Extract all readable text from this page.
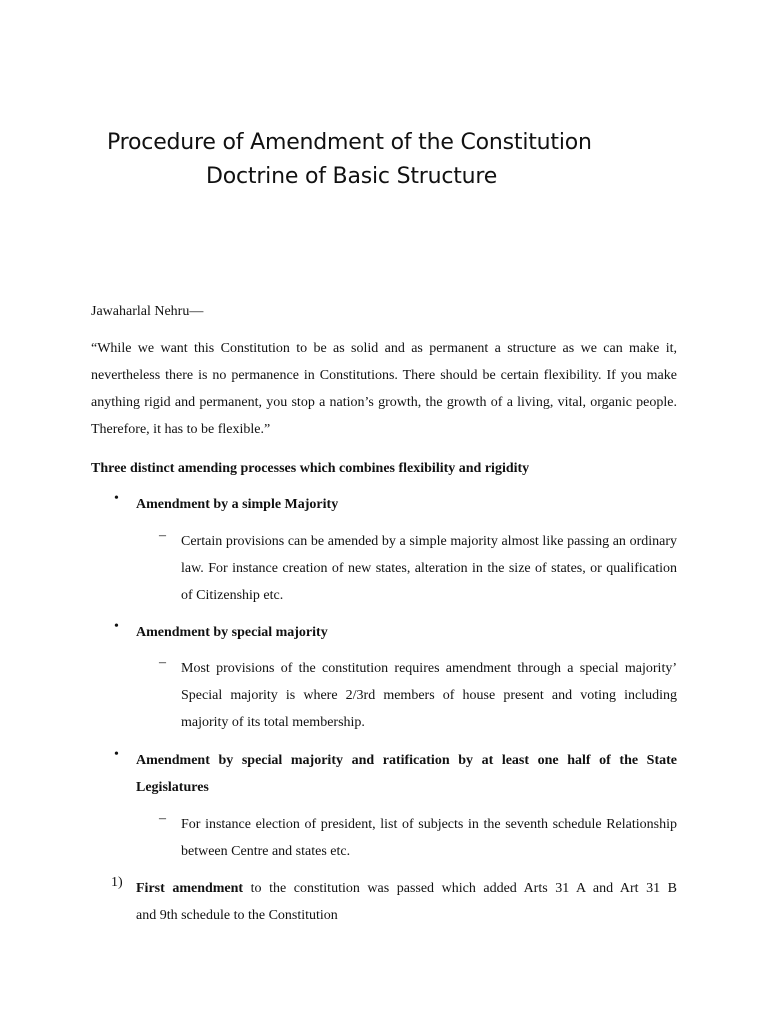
Procedure of Amendment of the Constitution
Doctrine of Basic Structure
Jawaharlal Nehru—
“While we want this Constitution to be as solid and as permanent a structure as we can make it, nevertheless there is no permanence in Constitutions. There should be certain flexibility. If you make anything rigid and permanent, you stop a nation’s growth, the growth of a living, vital, organic people. Therefore, it has to be flexible.”
Three distinct amending processes which combines flexibility and rigidity
• Amendment by a simple Majority
– Certain provisions can be amended by a simple majority almost like passing an ordinary law. For instance creation of new states, alteration in the size of states, or qualification of Citizenship etc.
• Amendment by special majority
– Most provisions of the constitution requires amendment through a special majority’ Special majority is where 2/3rd members of house present and voting including majority of its total membership.
• Amendment by special majority and ratification by at least one half of the State Legislatures
– For instance election of president, list of subjects in the seventh schedule Relationship between Centre and states etc.
1) First amendment to the constitution was passed which added Arts 31 A and Art 31 B
and 9th schedule to the Constitution
